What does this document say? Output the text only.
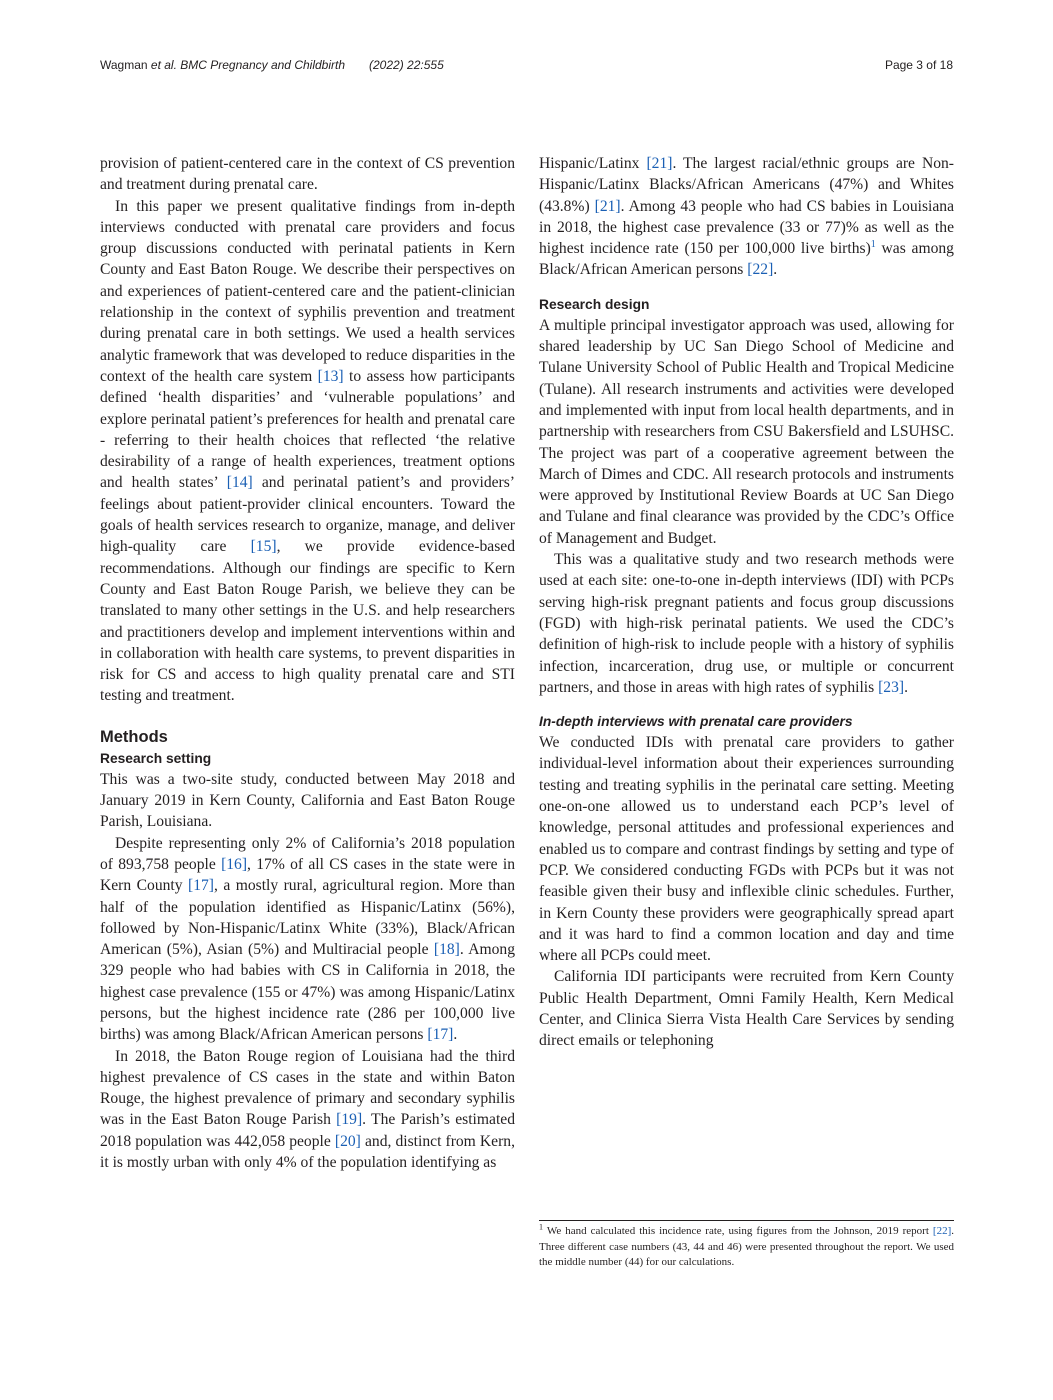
Wagman et al. BMC Pregnancy and Childbirth (2022) 22:555	Page 3 of 18

provision of patient-centered care in the context of CS prevention and treatment during prenatal care.

In this paper we present qualitative findings from in-depth interviews conducted with prenatal care providers and focus group discussions conducted with perinatal patients in Kern County and East Baton Rouge. We describe their perspectives on and experiences of patient-centered care and the patient-clinician relationship in the context of syphilis prevention and treatment during prenatal care in both settings. We used a health services analytic framework that was developed to reduce disparities in the context of the health care system [13] to assess how participants defined ‘health disparities’ and ‘vulnerable populations’ and explore perinatal patient’s preferences for health and prenatal care - referring to their health choices that reflected ‘the relative desirability of a range of health experiences, treatment options and health states’ [14] and perinatal patient’s and providers’ feelings about patient-provider clinical encounters. Toward the goals of health services research to organize, manage, and deliver high-quality care [15], we provide evidence-based recommendations. Although our findings are specific to Kern County and East Baton Rouge Parish, we believe they can be translated to many other settings in the U.S. and help researchers and practitioners develop and implement interventions within and in collaboration with health care systems, to prevent disparities in risk for CS and access to high quality prenatal care and STI testing and treatment.

Methods
Research setting

This was a two-site study, conducted between May 2018 and January 2019 in Kern County, California and East Baton Rouge Parish, Louisiana.

Despite representing only 2% of California’s 2018 population of 893,758 people [16], 17% of all CS cases in the state were in Kern County [17], a mostly rural, agricultural region. More than half of the population identified as Hispanic/Latinx (56%), followed by Non-Hispanic/Latinx White (33%), Black/African American (5%), Asian (5%) and Multiracial people [18]. Among 329 people who had babies with CS in California in 2018, the highest case prevalence (155 or 47%) was among Hispanic/Latinx persons, but the highest incidence rate (286 per 100,000 live births) was among Black/African American persons [17].

In 2018, the Baton Rouge region of Louisiana had the third highest prevalence of CS cases in the state and within Baton Rouge, the highest prevalence of primary and secondary syphilis was in the East Baton Rouge Parish [19]. The Parish’s estimated 2018 population was 442,058 people [20] and, distinct from Kern, it is mostly urban with only 4% of the population identifying as

Hispanic/Latinx [21]. The largest racial/ethnic groups are Non-Hispanic/Latinx Blacks/African Americans (47%) and Whites (43.8%) [21]. Among 43 people who had CS babies in Louisiana in 2018, the highest case prevalence (33 or 77)% as well as the highest incidence rate (150 per 100,000 live births)$^1$ was among Black/African American persons [22].

Research design

A multiple principal investigator approach was used, allowing for shared leadership by UC San Diego School of Medicine and Tulane University School of Public Health and Tropical Medicine (Tulane). All research instruments and activities were developed and implemented with input from local health departments, and in partnership with researchers from CSU Bakersfield and LSUHSC. The project was part of a cooperative agreement between the March of Dimes and CDC. All research protocols and instruments were approved by Institutional Review Boards at UC San Diego and Tulane and final clearance was provided by the CDC’s Office of Management and Budget.

This was a qualitative study and two research methods were used at each site: one-to-one in-depth interviews (IDI) with PCPs serving high-risk pregnant patients and focus group discussions (FGD) with high-risk perinatal patients. We used the CDC’s definition of high-risk to include people with a history of syphilis infection, incarceration, drug use, or multiple or concurrent partners, and those in areas with high rates of syphilis [23].

In-depth interviews with prenatal care providers

We conducted IDIs with prenatal care providers to gather individual-level information about their experiences surrounding testing and treating syphilis in the perinatal care setting. Meeting one-on-one allowed us to understand each PCP’s level of knowledge, personal attitudes and professional experiences and enabled us to compare and contrast findings by setting and type of PCP. We considered conducting FGDs with PCPs but it was not feasible given their busy and inflexible clinic schedules. Further, in Kern County these providers were geographically spread apart and it was hard to find a common location and day and time where all PCPs could meet.

California IDI participants were recruited from Kern County Public Health Department, Omni Family Health, Kern Medical Center, and Clinica Sierra Vista Health Care Services by sending direct emails or telephoning

$^1$ We hand calculated this incidence rate, using figures from the Johnson, 2019 report [22]. Three different case numbers (43, 44 and 46) were presented throughout the report. We used the middle number (44) for our calculations.
